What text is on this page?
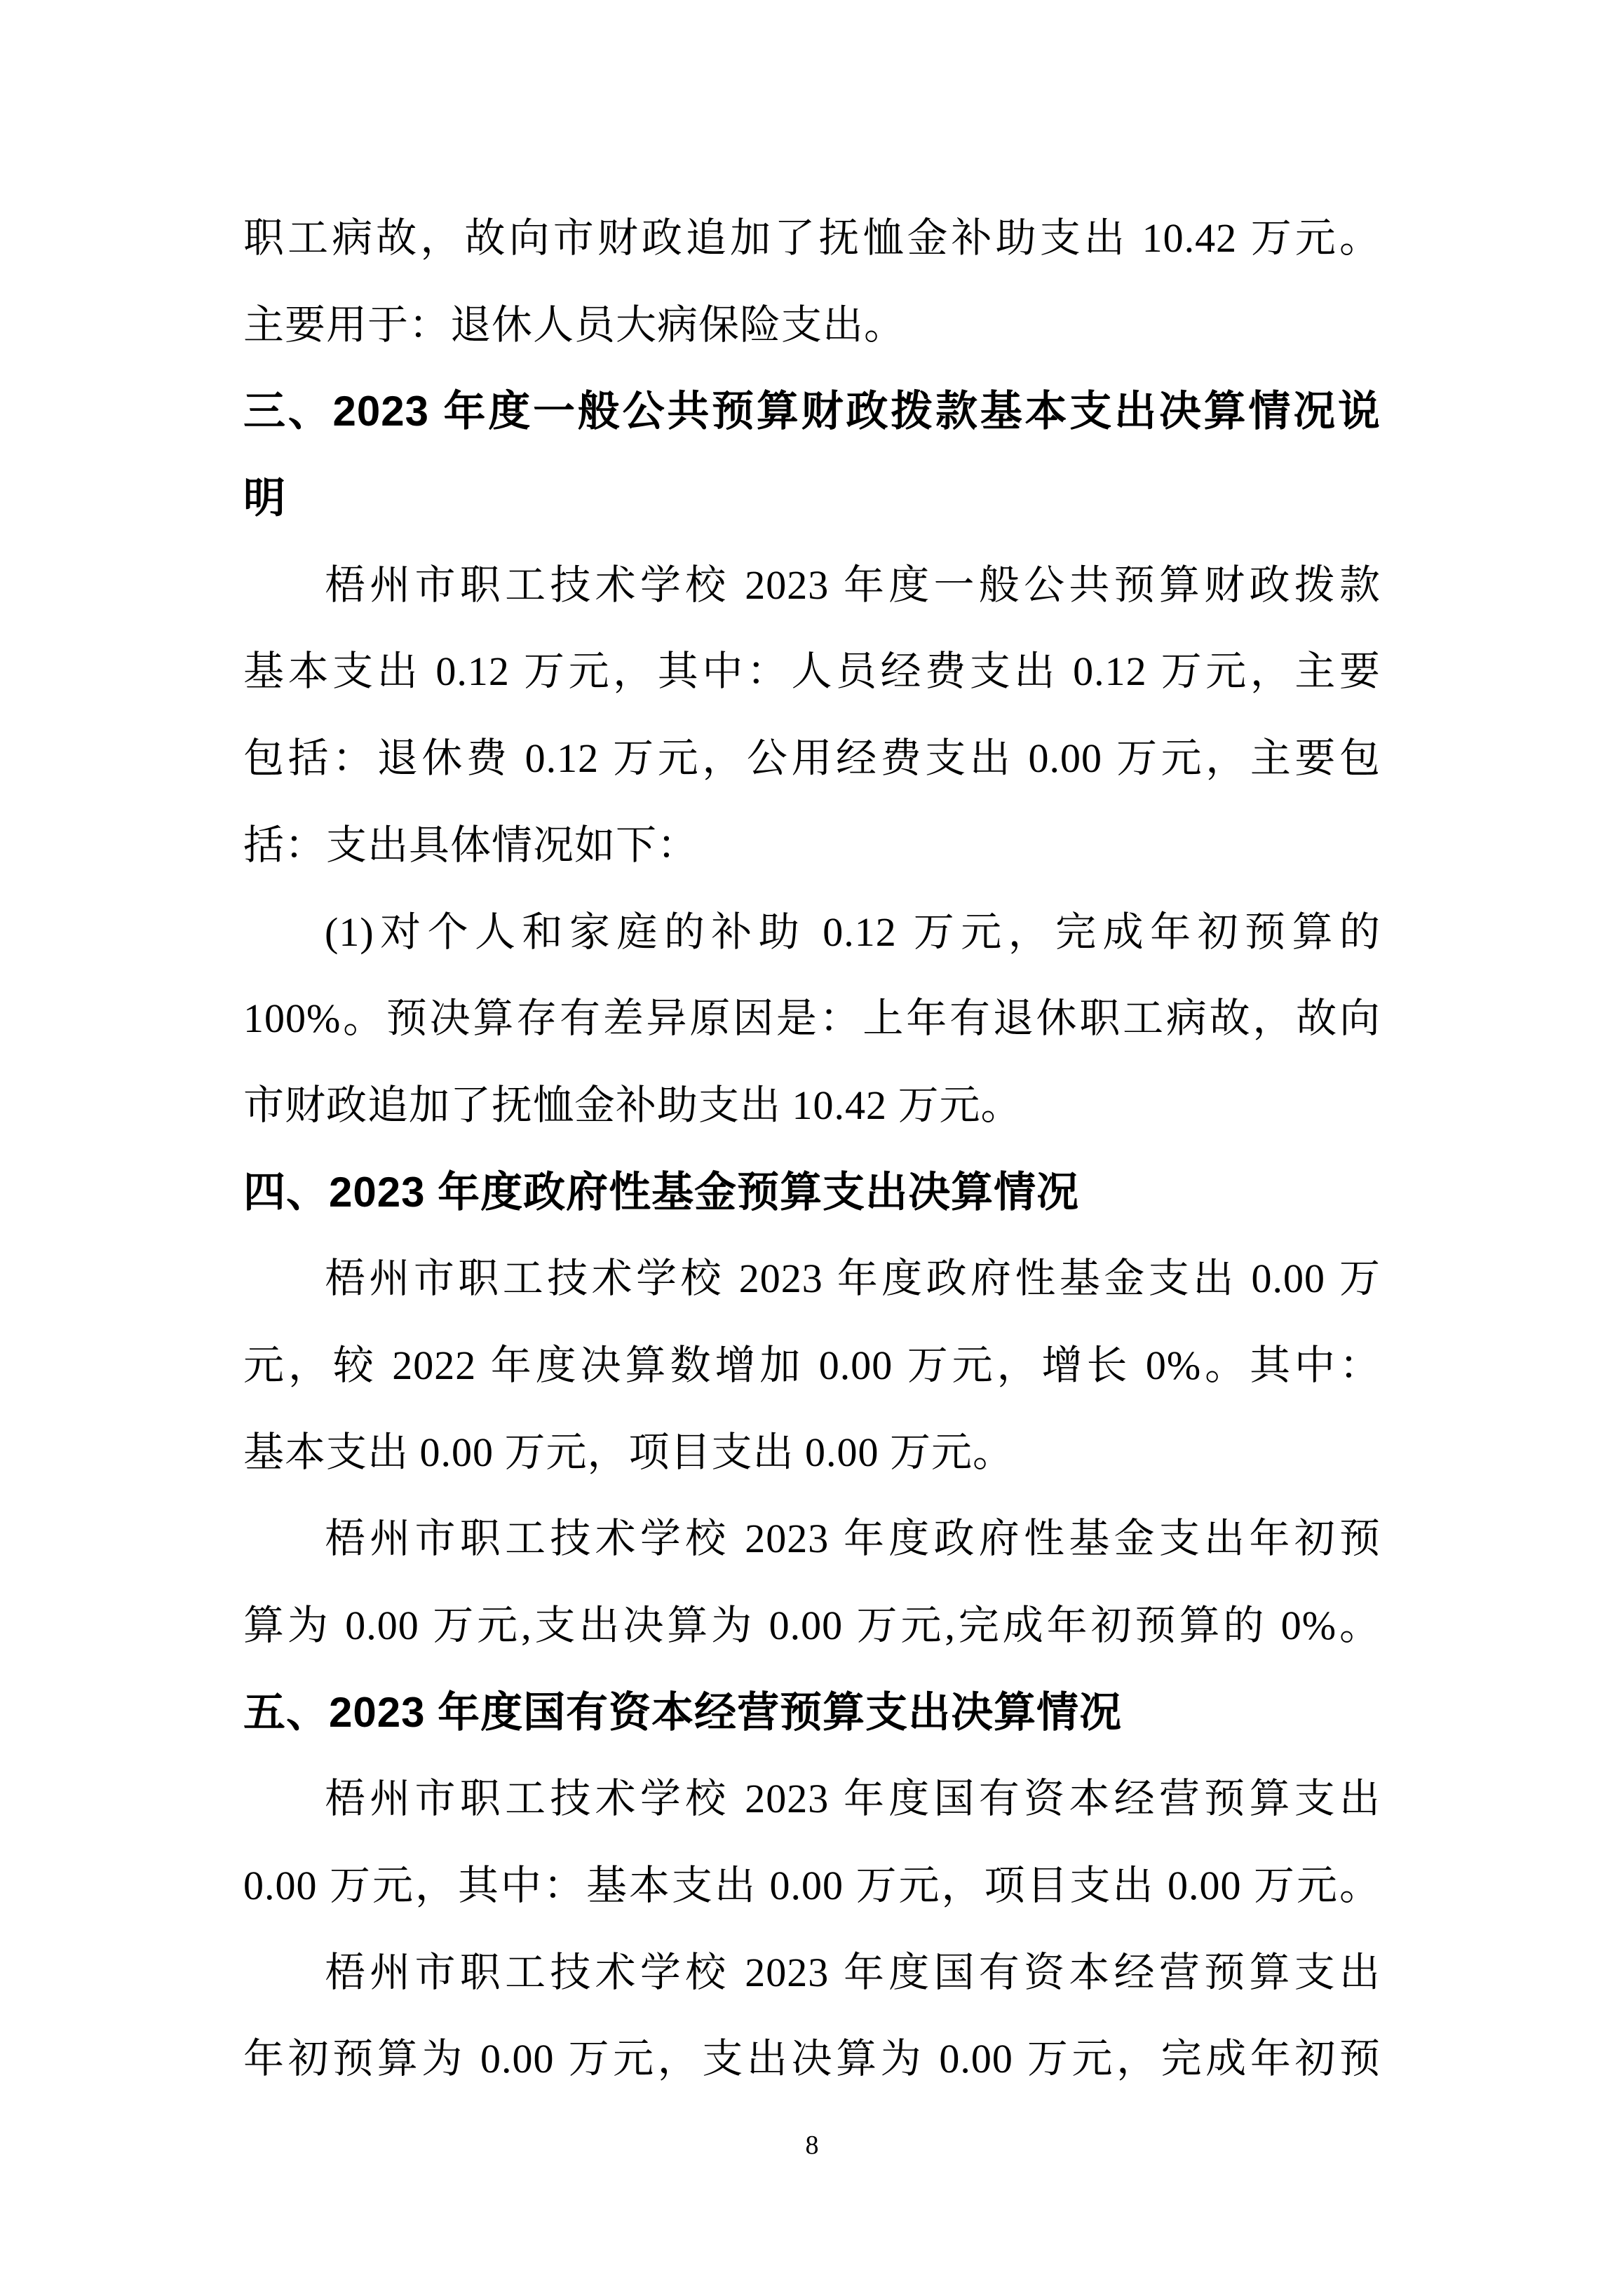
职工病故，故向市财政追加了抚恤金补助支出 10.42 万元。
主要用于：退休人员大病保险支出。
三、2023 年度一般公共预算财政拨款基本支出决算情况说
明
梧州市职工技术学校 2023 年度一般公共预算财政拨款
基本支出 0.12 万元，其中：人员经费支出 0.12 万元，主要
包括：退休费 0.12 万元，公用经费支出 0.00 万元，主要包
括：支出具体情况如下：
(1)对个人和家庭的补助 0.12 万元，完成年初预算的
100%。预决算存有差异原因是：上年有退休职工病故，故向
市财政追加了抚恤金补助支出 10.42 万元。
四、2023 年度政府性基金预算支出决算情况
梧州市职工技术学校 2023 年度政府性基金支出 0.00 万
元，较 2022 年度决算数增加 0.00 万元，增长 0%。其中：
基本支出 0.00 万元，项目支出 0.00 万元。
梧州市职工技术学校 2023 年度政府性基金支出年初预
算为 0.00 万元,支出决算为 0.00 万元,完成年初预算的 0%。
五、2023 年度国有资本经营预算支出决算情况
梧州市职工技术学校 2023 年度国有资本经营预算支出
0.00 万元，其中：基本支出 0.00 万元，项目支出 0.00 万元。
梧州市职工技术学校 2023 年度国有资本经营预算支出
年初预算为 0.00 万元，支出决算为 0.00 万元，完成年初预
8
